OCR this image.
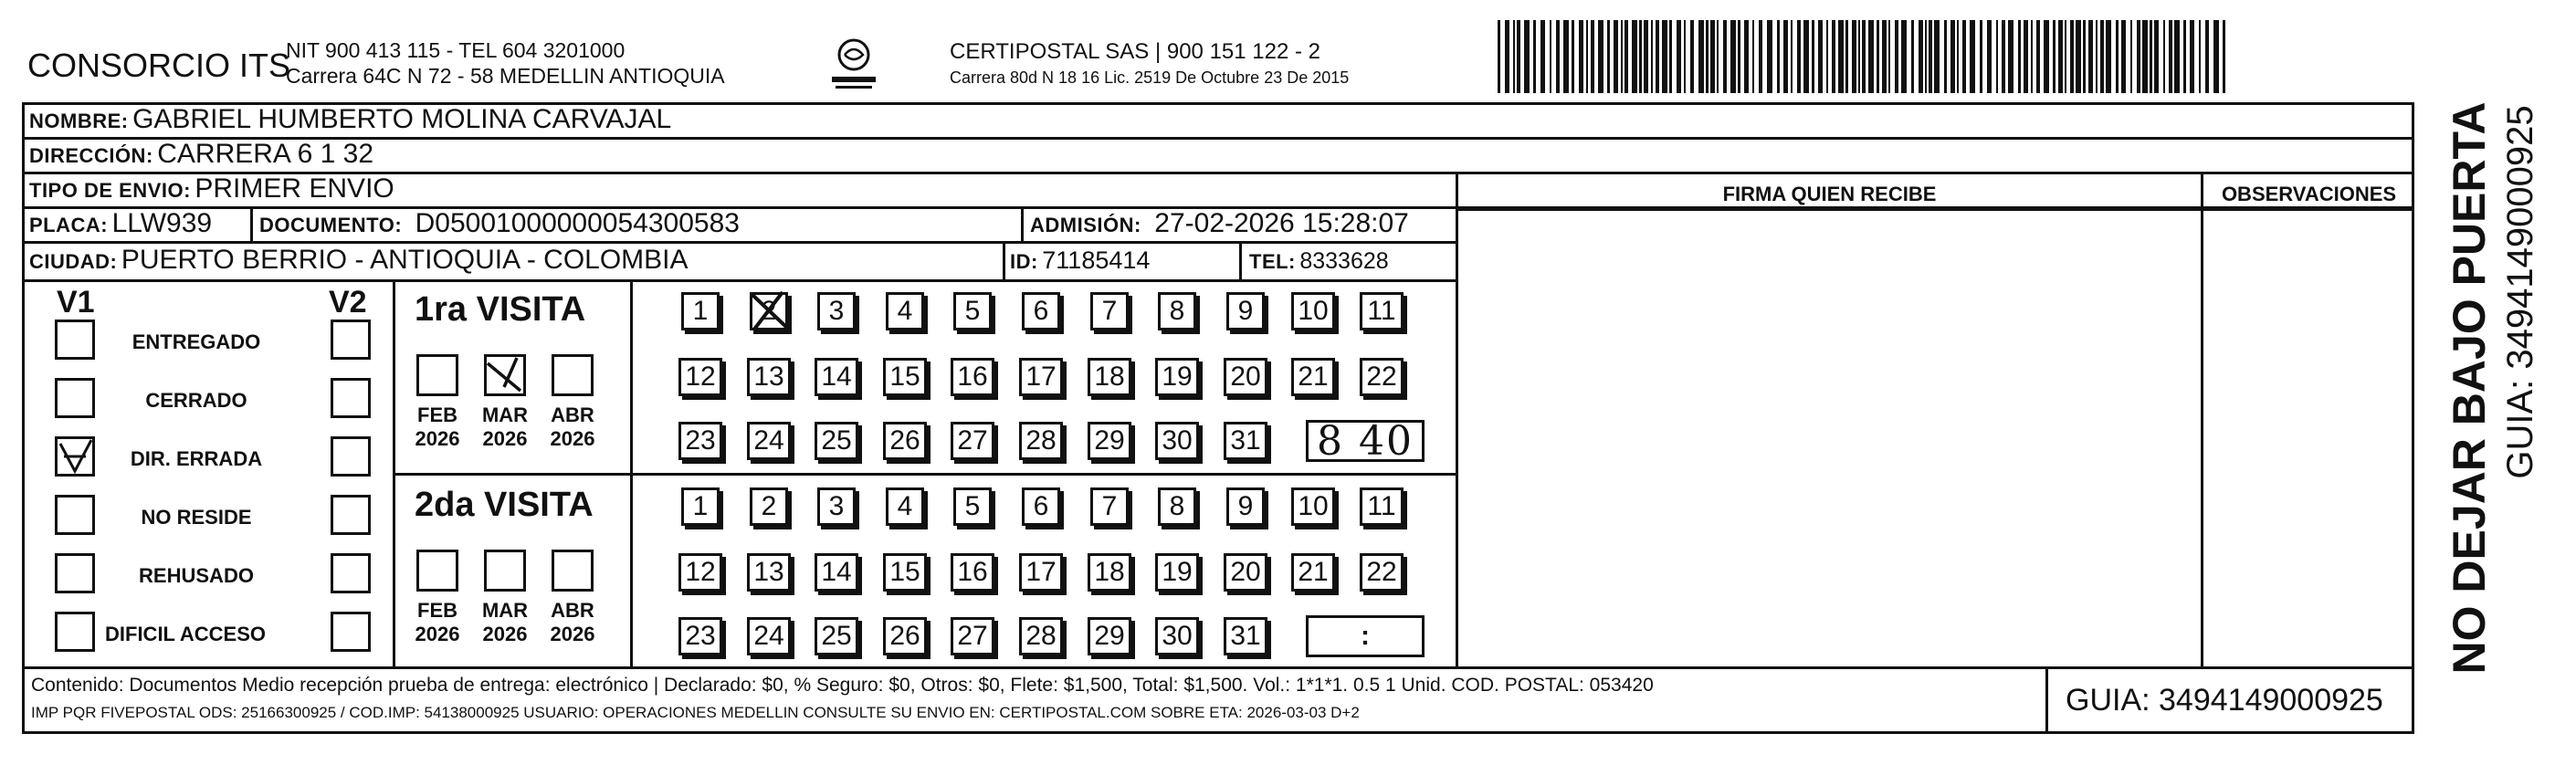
CONSORCIO ITS
NIT 900 413 115 - TEL 604 3201000
Carrera 64C N 72 - 58 MEDELLIN ANTIOQUIA
CERTIPOSTAL SAS | 900 151 122 - 2
Carrera 80d N 18 16 Lic. 2519 De Octubre 23 De 2015
NOMBRE: GABRIEL HUMBERTO MOLINA CARVAJAL
DIRECCIÓN: CARRERA 6 1 32
TIPO DE ENVIO: PRIMER ENVIO
PLACA: LLW939 DOCUMENTO: D05001000000054300583	ADMISIÓN: 27-02-2026 15:28:07
CIUDAD: PUERTO BERRIO - ANTIOQUIA - COLOMBIA	ID: 71185414	TEL: 8333628
FIRMA QUIEN RECIBE	OBSERVACIONES
V1	V2
ENTREGADO
CERRADO
DIR. ERRADA
NO RESIDE
REHUSADO
DIFICIL ACCESO
1ra VISITA
FEB
2026
MAR
2026
ABR
2026
1	2	3	4	5	6	7	8	9	10 11
12 13 14 15 16 17 18 19 20 21 22
23 24 25 26 27 28 29 30 31 8 40
2da VISITA
FEB
2026
MAR
2026
ABR
2026
1	2	3	4	5	6	7	8	9	10 11
12 13 14 15 16 17 18 19 20 21 22
23 24 25 26 27 28 29 30 31	:
Contenido: Documentos Medio recepción prueba de entrega: electrónico | Declarado: $0, % Seguro: $0, Otros: $0, Flete: $1,500, Total: $1,500. Vol.: 1*1*1. 0.5 1 Unid. COD. POSTAL: 053420
IMP PQR FIVEPOSTAL ODS: 25166300925 / COD.IMP: 54138000925 USUARIO: OPERACIONES MEDELLIN CONSULTE SU ENVIO EN: CERTIPOSTAL.COM SOBRE ETA: 2026-03-03 D+2	GUIA: 3494149000925
NO DEJAR BAJO PUERTA GUIA: 3494149000925
